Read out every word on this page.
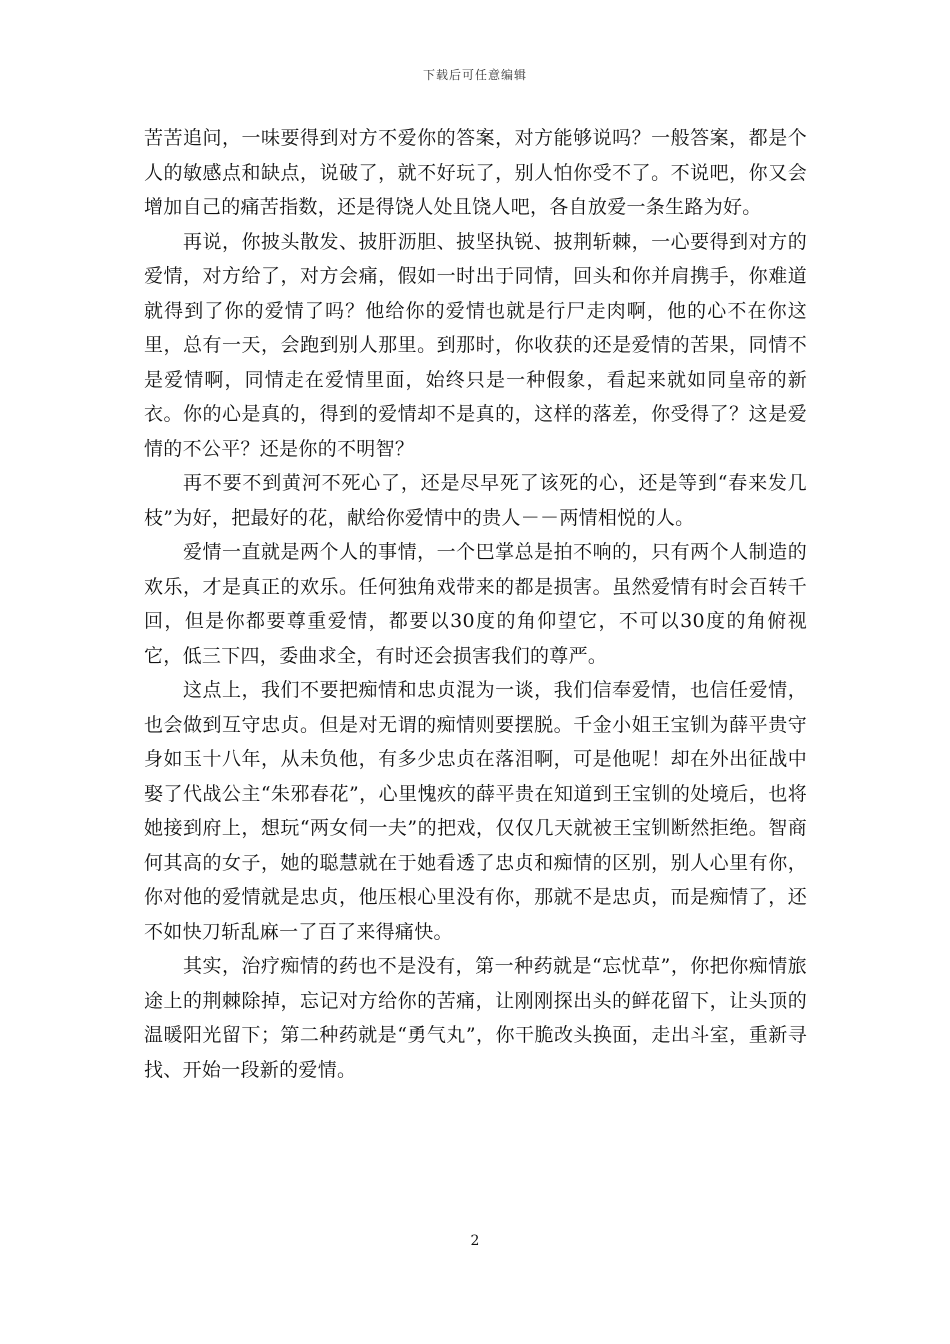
下载后可任意编辑

苦苦追问，一味要得到对方不爱你的答案，对方能够说吗？一般答案，都是个人的敏感点和缺点，说破了，就不好玩了，别人怕你受不了。不说吧，你又会增加自己的痛苦指数，还是得饶人处且饶人吧，各自放爱一条生路为好。

再说，你披头散发、披肝沥胆、披坚执锐、披荆斩棘，一心要得到对方的爱情，对方给了，对方会痛，假如一时出于同情，回头和你并肩携手，你难道就得到了你的爱情了吗？他给你的爱情也就是行尸走肉啊，他的心不在你这里，总有一天，会跑到别人那里。到那时，你收获的还是爱情的苦果，同情不是爱情啊，同情走在爱情里面，始终只是一种假象，看起来就如同皇帝的新衣。你的心是真的，得到的爱情却不是真的，这样的落差，你受得了？这是爱情的不公平？还是你的不明智？

再不要不到黄河不死心了，还是尽早死了该死的心，还是等到“春来发几枝”为好，把最好的花，献给你爱情中的贵人－－两情相悦的人。

爱情一直就是两个人的事情，一个巴掌总是拍不响的，只有两个人制造的欢乐，才是真正的欢乐。任何独角戏带来的都是损害。虽然爱情有时会百转千回，但是你都要尊重爱情，都要以30度的角仰望它，不可以30度的角俯视它，低三下四，委曲求全，有时还会损害我们的尊严。

这点上，我们不要把痴情和忠贞混为一谈，我们信奉爱情，也信任爱情，也会做到互守忠贞。但是对无谓的痴情则要摆脱。千金小姐王宝钏为薛平贵守身如玉十八年，从未负他，有多少忠贞在落泪啊，可是他呢！却在外出征战中娶了代战公主“朱邪春花”，心里愧疚的薛平贵在知道到王宝钏的处境后，也将她接到府上，想玩“两女伺一夫”的把戏，仅仅几天就被王宝钏断然拒绝。智商何其高的女子，她的聪慧就在于她看透了忠贞和痴情的区别，别人心里有你，你对他的爱情就是忠贞，他压根心里没有你，那就不是忠贞，而是痴情了，还不如快刀斩乱麻一了百了来得痛快。

其实，治疗痴情的药也不是没有，第一种药就是“忘忧草”，你把你痴情旅途上的荆棘除掉，忘记对方给你的苦痛，让刚刚探出头的鲜花留下，让头顶的温暖阳光留下；第二种药就是“勇气丸”，你干脆改头换面，走出斗室，重新寻找、开始一段新的爱情。

2
